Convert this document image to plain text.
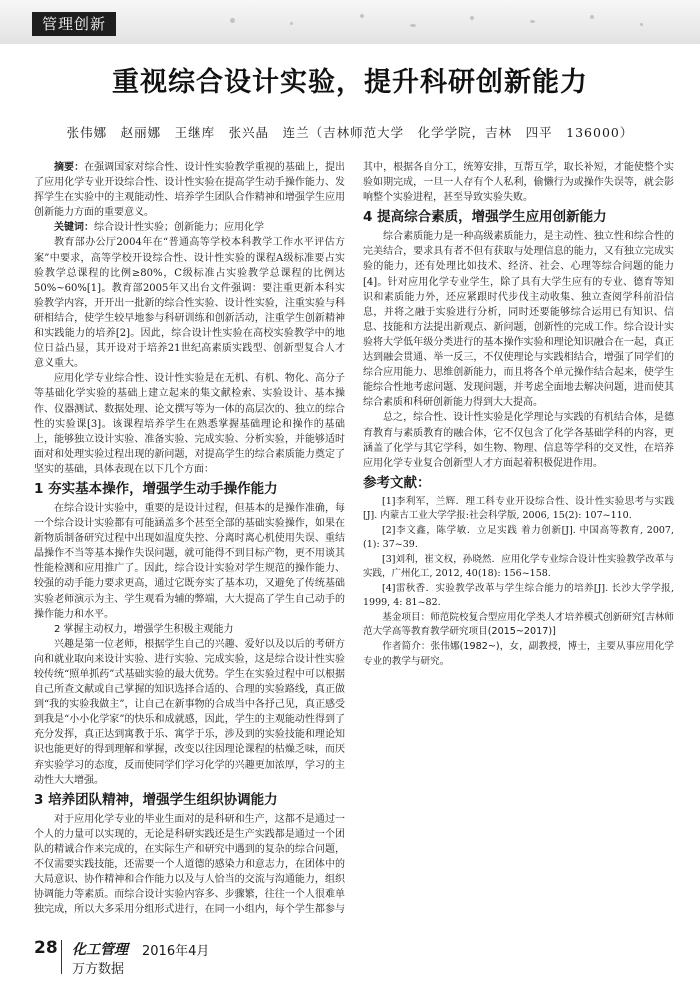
管理创新
重视综合设计实验，提升科研创新能力
张伟娜　赵丽娜　王继库　张兴晶　连兰（吉林师范大学　化学学院，吉林　四平　136000）

摘要：在强调国家对综合性、设计性实验教学重视的基础上，提出了应用化学专业开设综合性、设计性实验在提高学生动手操作能力、发挥学生在实验中的主观能动性、培养学生团队合作精神和增强学生应用创新能力方面的重要意义。

关键词：综合设计性实验；创新能力；应用化学

教育部办公厅2004年在“普通高等学校本科教学工作水平评估方案”中要求，高等学校开设综合性、设计性实验的课程A级标准要占实验教学总课程的比例≥80%，C级标准占实验教学总课程的比例达50%~60%[1]。教育部2005年又出台文件强调：要注重更新本科实验教学内容，开开出一批新的综合性实验、设计性实验，注重实验与科研相结合，使学生较早地参与科研训练和创新活动，注重学生创新精神和实践能力的培养[2]。因此，综合设计性实验在高校实验教学中的地位日益凸显，其开设对于培养21世纪高素质实践型、创新型复合人才意义重大。

应用化学专业综合性、设计性实验是在无机、有机、物化、高分子等基础化学实验的基础上建立起来的集文献检索、实验设计、基本操作、仪器测试、数据处理、论文撰写等为一体的高层次的、独立的综合性的实验课[3]。该课程培养学生在熟悉掌握基础理论和操作的基础上，能够独立设计实验、准备实验、完成实验、分析实验，并能够适时面对和处理实验过程出现的新问题，对提高学生的综合素质能力奠定了坚实的基础，具体表现在以下几个方面：

1 夯实基本操作，增强学生动手操作能力

在综合设计实验中，重要的是设计过程，但基本的是操作准确，每一个综合设计实验都有可能涵盖多个甚至全部的基础实验操作，如果在新物质制备研究过程中出现如温度失控、分离时离心机使用失误、重结晶操作不当等基本操作失误问题，就可能得不到目标产物，更不用谈其性能检测和应用推广了。因此，综合设计实验对学生规范的操作能力、较强的动手能力要求更高，通过它既夯实了基本功，又避免了传统基础实验老师演示为主、学生观看为辅的弊端，大大提高了学生自己动手的操作能力和水平。

2 掌握主动权力，增强学生积极主观能力

兴趣是第一位老师，根据学生自己的兴趣、爱好以及以后的考研方向和就业取向来设计实验、进行实验、完成实验，这是综合设计性实验较传统“照单抓药”式基础实验的最大优势。学生在实验过程中可以根据自己所查文献或自己掌握的知识选择合适的、合理的实验路线，真正做到“我的实验我做主”，让自己在新事物的合成当中各抒己见，真正感受到我是“小小化学家”的快乐和成就感，因此，学生的主观能动性得到了充分发挥，真正达到寓教于乐、寓学于乐，涉及到的实验技能和理论知识也能更好的得到理解和掌握，改变以往因理论课程的枯燥乏味，而厌弃实验学习的态度，反而使同学们学习化学的兴趣更加浓厚，学习的主动性大大增强。

3 培养团队精神，增强学生组织协调能力

对于应用化学专业的毕业生面对的是科研和生产，这都不是通过一个人的力量可以实现的，无论是科研实践还是生产实践都是通过一个团队的精诚合作来完成的，在实际生产和研究中遇到的复杂的综合问题，不仅需要实践技能，还需要一个人道德的感染力和意志力，在团体中的大局意识、协作精神和合作能力以及与人恰当的交流与沟通能力，组织协调能力等素质。而综合设计实验内容多、步骤繁，往往一个人很难单独完成，所以大多采用分组形式进行，在同一小组内，每个学生都参与其中，根据各自分工，统筹安排，互帮互学，取长补短，才能使整个实验如期完成，一旦一人存有个人私利，偷懒行为或操作失误等，就会影响整个实验进程，甚至导致实验失败。

4 提高综合素质，增强学生应用创新能力

综合素质能力是一种高级素质能力，是主动性、独立性和综合性的完美结合，要求具有者不但有获取与处理信息的能力，又有独立完成实验的能力，还有处理比如技术、经济、社会、心理等综合问题的能力[4]。针对应用化学专业学生，除了具有大学生应有的专业、德育等知识和素质能力外，还应紧跟时代步伐主动收集、独立查阅学科前沿信息，并将之融于实验进行分析，同时还要能够综合运用已有知识、信息、技能和方法提出新观点、新问题，创新性的完成工作。综合设计实验将大学低年级分类进行的基本操作实验和理论知识融合在一起，真正达到融会贯通、举一反三，不仅使理论与实践相结合，增强了同学们的综合应用能力、思维创新能力，而且将各个单元操作结合起来，使学生能综合性地考虑问题、发现问题，并考虑全面地去解决问题，进而使其综合素质和科研创新能力得到大大提高。

总之，综合性、设计性实验是化学理论与实践的有机结合体，是德育教育与素质教育的融合体，它不仅包含了化学各基础学科的内容，更涵盖了化学与其它学科，如生物、物理、信息等学科的交叉性，在培养应用化学专业复合创新型人才方面起着积极促进作用。

参考文献：

[1]李利军，兰辉．理工科专业开设综合性、设计性实验思考与实践[J]. 内蒙古工业大学学报:社会科学版, 2006, 15(2): 107~110.

[2]李文鑫，陈学敏．立足实践 着力创新[J]. 中国高等教育, 2007, (1): 37~39.

[3]刘利，崔文权，孙晓然．应用化学专业综合设计性实验教学改革与实践，广州化工, 2012, 40(18): 156~158.

[4]雷秋香．实验教学改革与学生综合能力的培养[J]. 长沙大学学报, 1999, 4: 81~82.

基金项目：师范院校复合型应用化学类人才培养模式创新研究[吉林师范大学高等教育教学研究项目(2015~2017)]

作者简介：张伟娜(1982~)，女，副教授，博士，主要从事应用化学专业的教学与研究。

28 化工管理 2016年4月
万方数据
